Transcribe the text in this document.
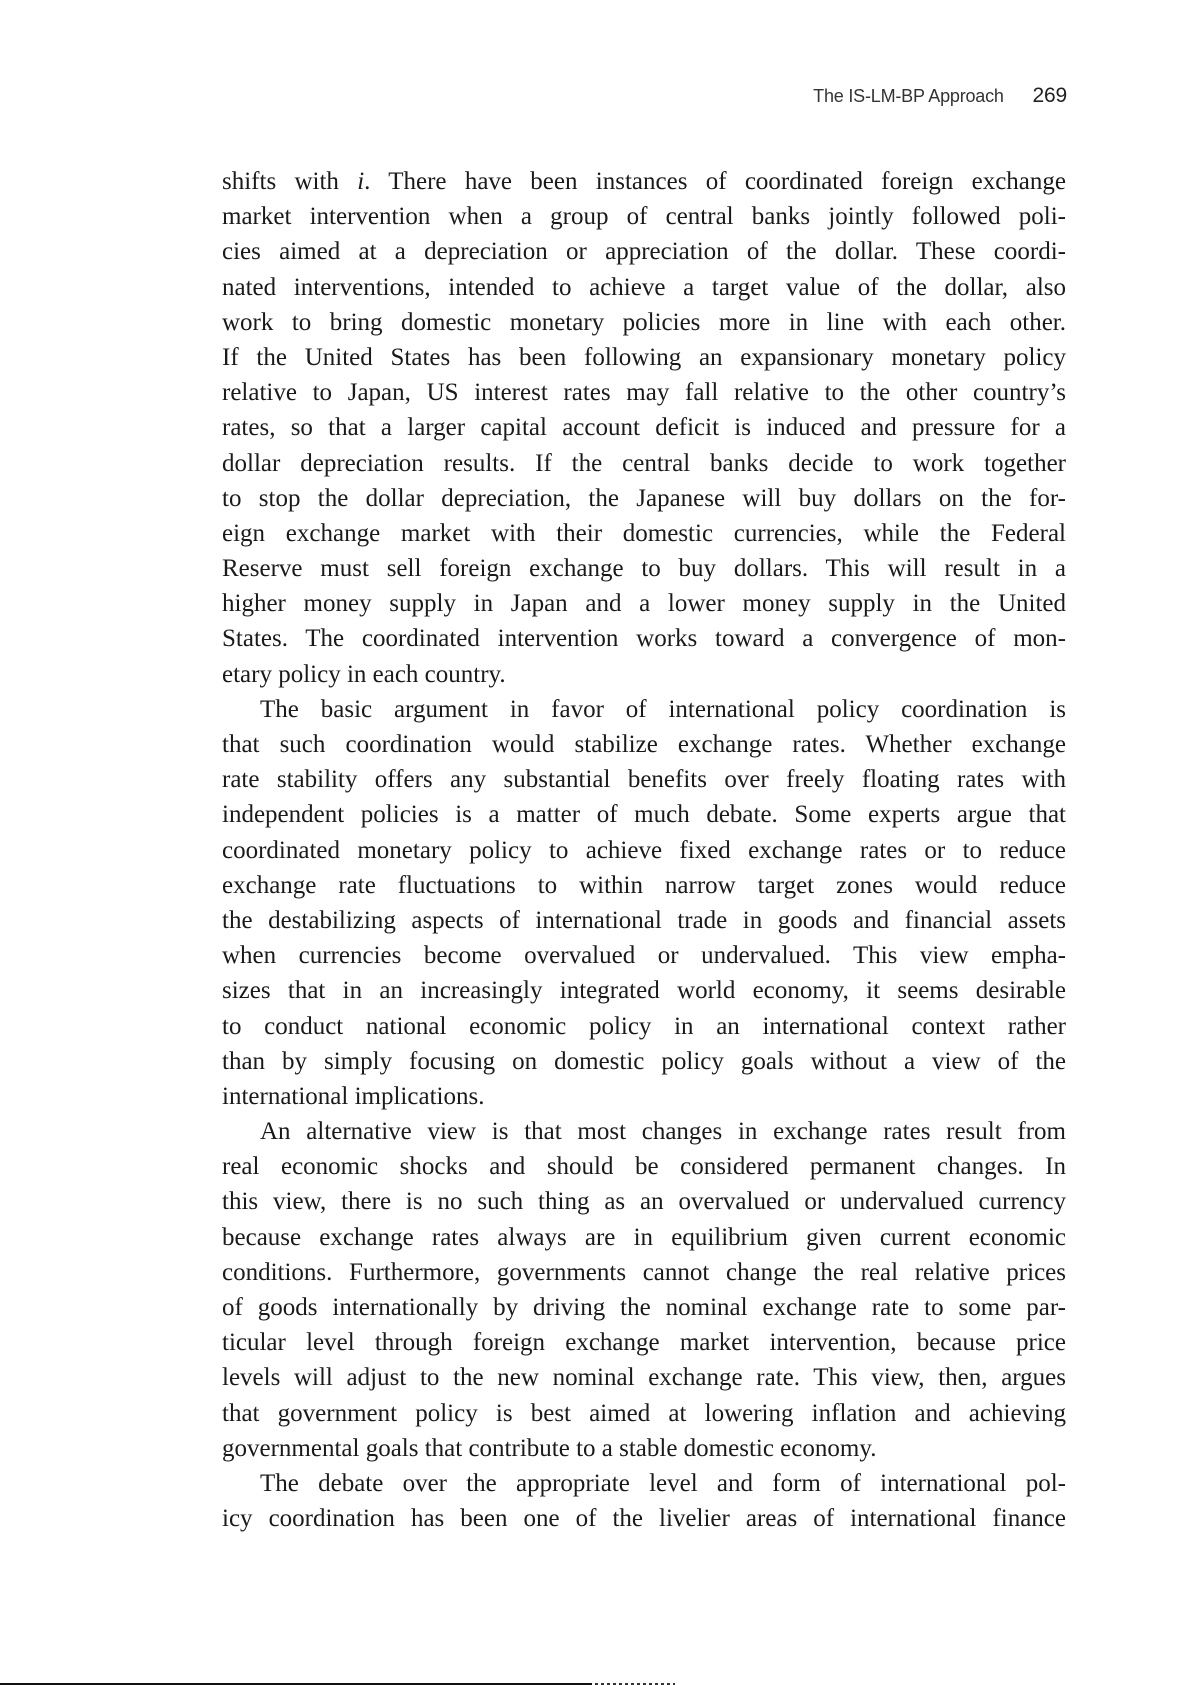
The IS-LM-BP Approach 269
shifts with i. There have been instances of coordinated foreign exchange
market intervention when a group of central banks jointly followed poli-
cies aimed at a depreciation or appreciation of the dollar. These coordi-
nated interventions, intended to achieve a target value of the dollar, also
work to bring domestic monetary policies more in line with each other.
If the United States has been following an expansionary monetary policy
relative to Japan, US interest rates may fall relative to the other country’s
rates, so that a larger capital account deficit is induced and pressure for a
dollar depreciation results. If the central banks decide to work together
to stop the dollar depreciation, the Japanese will buy dollars on the for-
eign exchange market with their domestic currencies, while the Federal
Reserve must sell foreign exchange to buy dollars. This will result in a
higher money supply in Japan and a lower money supply in the United
States. The coordinated intervention works toward a convergence of mon-
etary policy in each country.
The basic argument in favor of international policy coordination is
that such coordination would stabilize exchange rates. Whether exchange
rate stability offers any substantial benefits over freely floating rates with
independent policies is a matter of much debate. Some experts argue that
coordinated monetary policy to achieve fixed exchange rates or to reduce
exchange rate fluctuations to within narrow target zones would reduce
the destabilizing aspects of international trade in goods and financial assets
when currencies become overvalued or undervalued. This view empha-
sizes that in an increasingly integrated world economy, it seems desirable
to conduct national economic policy in an international context rather
than by simply focusing on domestic policy goals without a view of the
international implications.
An alternative view is that most changes in exchange rates result from
real economic shocks and should be considered permanent changes. In
this view, there is no such thing as an overvalued or undervalued currency
because exchange rates always are in equilibrium given current economic
conditions. Furthermore, governments cannot change the real relative prices
of goods internationally by driving the nominal exchange rate to some par-
ticular level through foreign exchange market intervention, because price
levels will adjust to the new nominal exchange rate. This view, then, argues
that government policy is best aimed at lowering inflation and achieving
governmental goals that contribute to a stable domestic economy.
The debate over the appropriate level and form of international pol-
icy coordination has been one of the livelier areas of international finance
